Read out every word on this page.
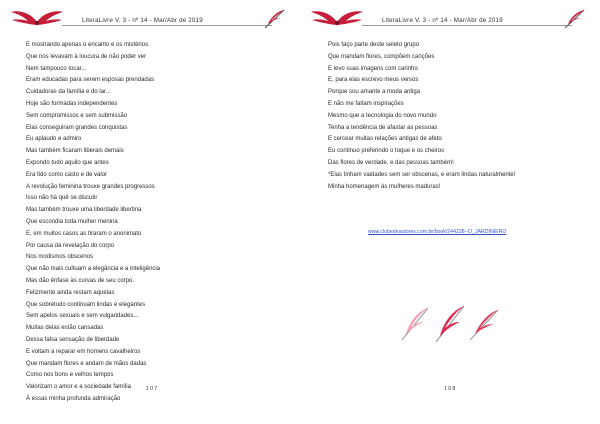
LiteraLivre V. 3 - nº 14 - Mar/Abr de 2019
E mostrando apenas o encanto e os mistérios
Que nos levavam à loucura de não poder ver
Nem tampouco tocar...
Eram educadas para serem esposas prendadas
Cuidadoras da família e do lar...
Hoje são formadas independentes
Sem compromissos e sem submissão
Elas conseguiram grandes conquistas
Eu aplaudo e admiro
Mas também ficaram liberais demais
Expondo tudo aquilo que antes
Era tido como casto e de valor
A revolução feminina trouxe grandes progressos
Isso não há quê se discutir
Mas também trouxe uma liberdade libertina
Que escondia toda mulher menina
E, em muitos casos as tiraram o anonimato
Por causa da revelação do corpo
Nos modismos obscenos
Que não mais cultuam a elegância e a inteligência
Mas dão ênfase às curvas de seu corpo.
Felizmente ainda restam aquelas
Que sobretudo continuam lindas e elegantes
Sem apelos sexuais e sem vulgaridades...
Muitas delas estão cansadas
Dessa falsa sensação de liberdade
E voltam a reparar em homens cavalheiros
Que mandam flores e andam de mãos dadas
Como nos bons e velhos tempos
Valorizam o amor e a sociedade família
À essas minha profunda admiração
107
LiteraLivre V. 3 - nº 14 - Mar/Abr de 2019
Pois faço parte deste seleto grupo
Que mandam flores, compõem canções
E levo suas imagens com carinho
E, para elas escrevo meus versos
Porque sou amante a moda antiga
E não me faltam inspirações
Mesmo que a tecnologia do novo mundo
Tenha a tendência de afastar as pessoas
E cercear muitas relações antigas de afeto
Eu continuo preferindo o toque e os cheiros
Das flores de verdade, e das pessoas também!
*Elas tinham vaidades sem ser obscenas, e eram lindas naturalmente!
Minha homenagem às mulheres maduras!
www.clubedeautores.com.br/book/244228--O_JARDINEIRO
108
